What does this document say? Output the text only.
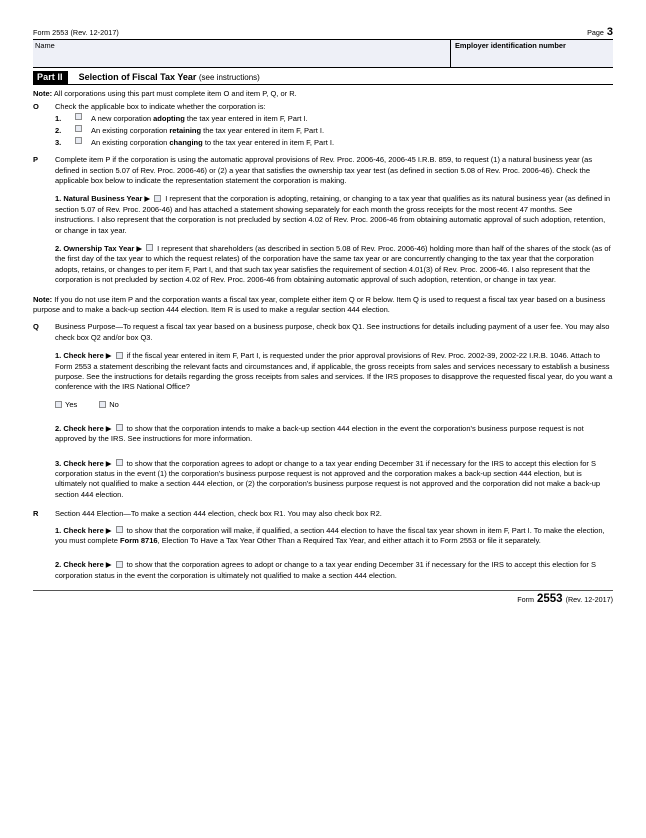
Form 2553 (Rev. 12-2017)	Page 3
Name	Employer identification number
Part II	Selection of Fiscal Tax Year (see instructions)
Note: All corporations using this part must complete item O and item P, Q, or R.
O	Check the applicable box to indicate whether the corporation is:
1.	A new corporation adopting the tax year entered in item F, Part I.
2.	An existing corporation retaining the tax year entered in item F, Part I.
3.	An existing corporation changing to the tax year entered in item F, Part I.
P	Complete item P if the corporation is using the automatic approval provisions of Rev. Proc. 2006-46, 2006-45 I.R.B. 859, to request (1) a natural business year (as defined in section 5.07 of Rev. Proc. 2006-46) or (2) a year that satisfies the ownership tax year test (as defined in section 5.08 of Rev. Proc. 2006-46). Check the applicable box below to indicate the representation statement the corporation is making.
1. Natural Business Year ▶ I represent that the corporation is adopting, retaining, or changing to a tax year that qualifies as its natural business year (as defined in section 5.07 of Rev. Proc. 2006-46) and has attached a statement showing separately for each month the gross receipts for the most recent 47 months. See instructions. I also represent that the corporation is not precluded by section 4.02 of Rev. Proc. 2006-46 from obtaining automatic approval of such adoption, retention, or change in tax year.
2. Ownership Tax Year ▶ I represent that shareholders (as described in section 5.08 of Rev. Proc. 2006-46) holding more than half of the shares of the stock (as of the first day of the tax year to which the request relates) of the corporation have the same tax year or are concurrently changing to the tax year that the corporation adopts, retains, or changes to per item F, Part I, and that such tax year satisfies the requirement of section 4.01(3) of Rev. Proc. 2006-46. I also represent that the corporation is not precluded by section 4.02 of Rev. Proc. 2006-46 from obtaining automatic approval of such adoption, retention, or change in tax year.
Note: If you do not use item P and the corporation wants a fiscal tax year, complete either item Q or R below. Item Q is used to request a fiscal tax year based on a business purpose and to make a back-up section 444 election. Item R is used to make a regular section 444 election.
Q	Business Purpose—To request a fiscal tax year based on a business purpose, check box Q1. See instructions for details including payment of a user fee. You may also check box Q2 and/or box Q3.
1. Check here ▶ if the fiscal year entered in item F, Part I, is requested under the prior approval provisions of Rev. Proc. 2002-39, 2002-22 I.R.B. 1046. Attach to Form 2553 a statement describing the relevant facts and circumstances and, if applicable, the gross receipts from sales and services necessary to establish a business purpose. See the instructions for details regarding the gross receipts from sales and services. If the IRS proposes to disapprove the requested fiscal year, do you want a conference with the IRS National Office?
Yes	No
2. Check here ▶ to show that the corporation intends to make a back-up section 444 election in the event the corporation's business purpose request is not approved by the IRS. See instructions for more information.
3. Check here ▶ to show that the corporation agrees to adopt or change to a tax year ending December 31 if necessary for the IRS to accept this election for S corporation status in the event (1) the corporation's business purpose request is not approved and the corporation makes a back-up section 444 election, but is ultimately not qualified to make a section 444 election, or (2) the corporation's business purpose request is not approved and the corporation did not make a back-up section 444 election.
R	Section 444 Election—To make a section 444 election, check box R1. You may also check box R2.
1. Check here ▶ to show that the corporation will make, if qualified, a section 444 election to have the fiscal tax year shown in item F, Part I. To make the election, you must complete Form 8716, Election To Have a Tax Year Other Than a Required Tax Year, and either attach it to Form 2553 or file it separately.
2. Check here ▶ to show that the corporation agrees to adopt or change to a tax year ending December 31 if necessary for the IRS to accept this election for S corporation status in the event the corporation is ultimately not qualified to make a section 444 election.
Form 2553 (Rev. 12-2017)
